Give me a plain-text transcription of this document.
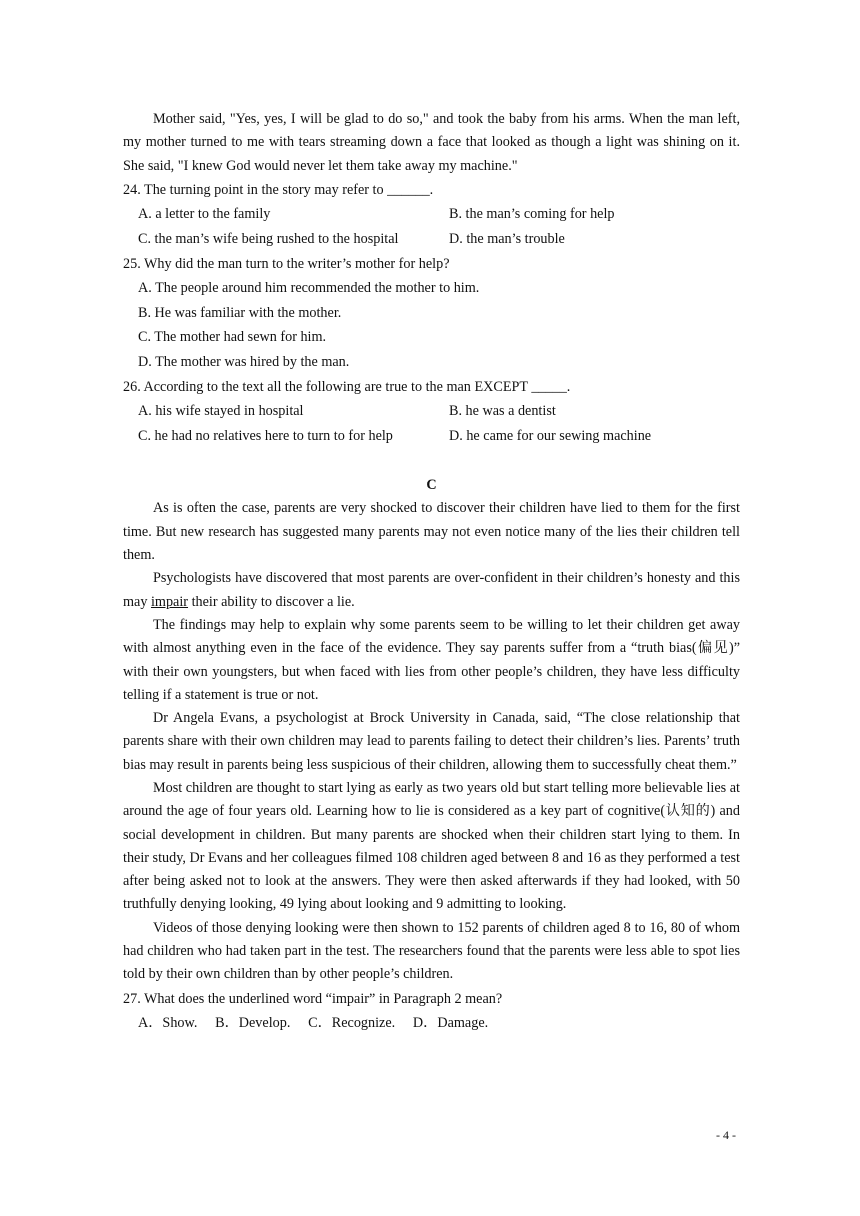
Mother said, "Yes, yes, I will be glad to do so," and took the baby from his arms. When the man left, my mother turned to me with tears streaming down a face that looked as though a light was shining on it. She said, "I knew God would never let them take away my machine."

24. The turning point in the story may refer to ______.

A. a letter to the family	B. the man’s coming for help
C. the man’s wife being rushed to the hospital	D. the man’s trouble

25. Why did the man turn to the writer’s mother for help?

A. The people around him recommended the mother to him.
B. He was familiar with the mother.
C. The mother had sewn for him.
D. The mother was hired by the man.

26. According to the text all the following are true to the man EXCEPT _____.

A. his wife stayed in hospital	B. he was a dentist
C. he had no relatives here to turn to for help	D. he came for our sewing machine
C

As is often the case, parents are very shocked to discover their children have lied to them for the first time. But new research has suggested many parents may not even notice many of the lies their children tell them.

Psychologists have discovered that most parents are over-confident in their children’s honesty and this may impair their ability to discover a lie.

The findings may help to explain why some parents seem to be willing to let their children get away with almost anything even in the face of the evidence. They say parents suffer from a “truth bias(偏见)” with their own youngsters, but when faced with lies from other people’s children, they have less difficulty telling if a statement is true or not.

Dr Angela Evans, a psychologist at Brock University in Canada, said, “The close relationship that parents share with their own children may lead to parents failing to detect their children’s lies. Parents’ truth bias may result in parents being less suspicious of their children, allowing them to successfully cheat them.”

Most children are thought to start lying as early as two years old but start telling more believable lies at around the age of four years old. Learning how to lie is considered as a key part of cognitive(认知的) and social development in children. But many parents are shocked when their children start lying to them. In their study, Dr Evans and her colleagues filmed 108 children aged between 8 and 16 as they performed a test after being asked not to look at the answers. They were then asked afterwards if they had looked, with 50 truthfully denying looking, 49 lying about looking and 9 admitting to looking.

Videos of those denying looking were then shown to 152 parents of children aged 8 to 16, 80 of whom had children who had taken part in the test. The researchers found that the parents were less able to spot lies told by their own children than by other people’s children.

27. What does the underlined word “impair” in Paragraph 2 mean?

A．Show.     B．Develop.     C．Recognize.     D．Damage.
- 4 -
